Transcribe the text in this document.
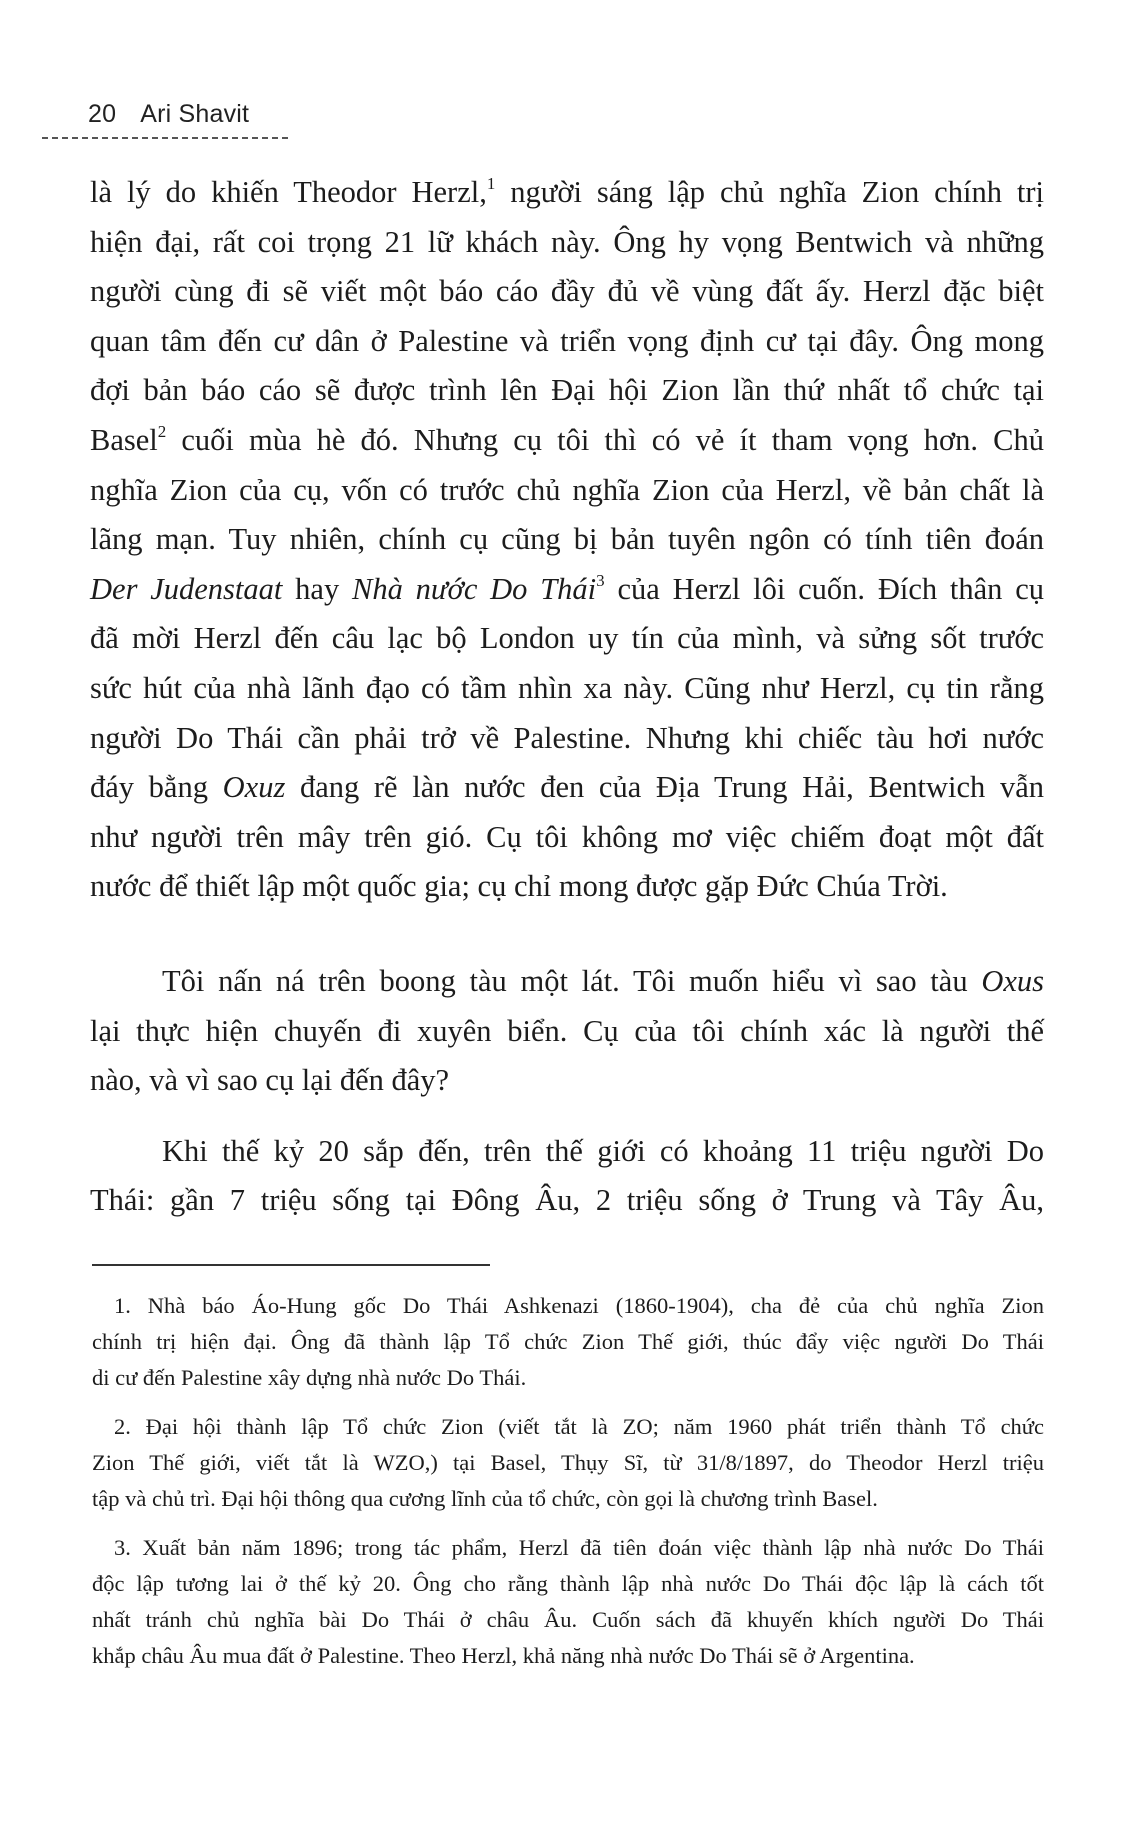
20 Ari Shavit

là lý do khiến Theodor Herzl,$^1$ người sáng lập chủ nghĩa Zion chính trị
hiện đại, rất coi trọng 21 lữ khách này. Ông hy vọng Bentwich và những
người cùng đi sẽ viết một báo cáo đầy đủ về vùng đất ấy. Herzl đặc biệt
quan tâm đến cư dân ở Palestine và triển vọng định cư tại đây. Ông mong
đợi bản báo cáo sẽ được trình lên Đại hội Zion lần thứ nhất tổ chức tại
Basel$^2$ cuối mùa hè đó. Nhưng cụ tôi thì có vẻ ít tham vọng hơn. Chủ
nghĩa Zion của cụ, vốn có trước chủ nghĩa Zion của Herzl, về bản chất là
lãng mạn. Tuy nhiên, chính cụ cũng bị bản tuyên ngôn có tính tiên đoán
Der Judenstaat hay Nhà nước Do Thái$^3$ của Herzl lôi cuốn. Đích thân cụ
đã mời Herzl đến câu lạc bộ London uy tín của mình, và sửng sốt trước
sức hút của nhà lãnh đạo có tầm nhìn xa này. Cũng như Herzl, cụ tin rằng
người Do Thái cần phải trở về Palestine. Nhưng khi chiếc tàu hơi nước
đáy bằng Oxuz đang rẽ làn nước đen của Địa Trung Hải, Bentwich vẫn
như người trên mây trên gió. Cụ tôi không mơ việc chiếm đoạt một đất
nước để thiết lập một quốc gia; cụ chỉ mong được gặp Đức Chúa Trời.

Tôi nấn ná trên boong tàu một lát. Tôi muốn hiểu vì sao tàu Oxus
lại thực hiện chuyến đi xuyên biển. Cụ của tôi chính xác là người thế
nào, và vì sao cụ lại đến đây?

Khi thế kỷ 20 sắp đến, trên thế giới có khoảng 11 triệu người Do
Thái: gần 7 triệu sống tại Đông Âu, 2 triệu sống ở Trung và Tây Âu,

1. Nhà báo Áo-Hung gốc Do Thái Ashkenazi (1860-1904), cha đẻ của chủ nghĩa Zion
chính trị hiện đại. Ông đã thành lập Tổ chức Zion Thế giới, thúc đẩy việc người Do Thái
di cư đến Palestine xây dựng nhà nước Do Thái.

2. Đại hội thành lập Tổ chức Zion (viết tắt là ZO; năm 1960 phát triển thành Tổ chức
Zion Thế giới, viết tắt là WZO,) tại Basel, Thụy Sĩ, từ 31/8/1897, do Theodor Herzl triệu
tập và chủ trì. Đại hội thông qua cương lĩnh của tổ chức, còn gọi là chương trình Basel.

3. Xuất bản năm 1896; trong tác phẩm, Herzl đã tiên đoán việc thành lập nhà nước Do Thái
độc lập tương lai ở thế kỷ 20. Ông cho rằng thành lập nhà nước Do Thái độc lập là cách tốt
nhất tránh chủ nghĩa bài Do Thái ở châu Âu. Cuốn sách đã khuyến khích người Do Thái
khắp châu Âu mua đất ở Palestine. Theo Herzl, khả năng nhà nước Do Thái sẽ ở Argentina.
